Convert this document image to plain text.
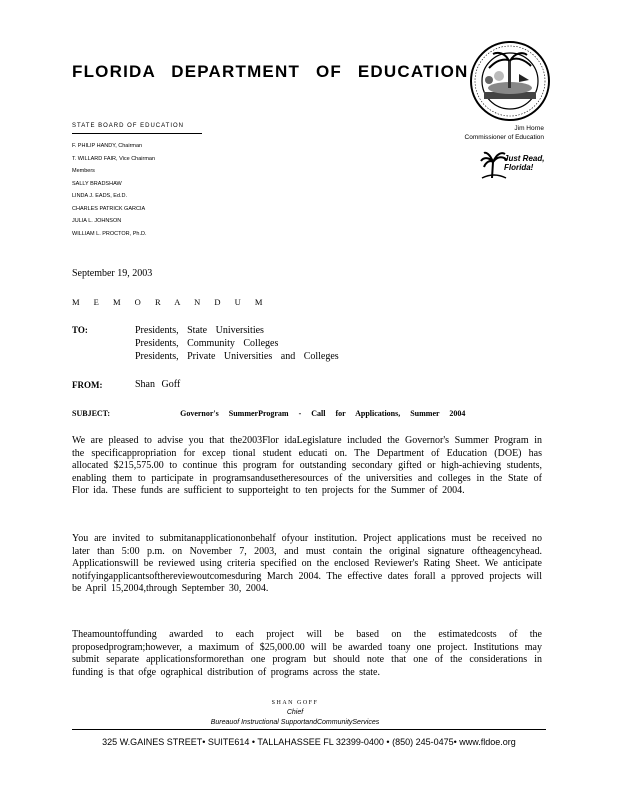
FLORIDA DEPARTMENT OF EDUCATION
Jim Horne
Commissioner of Education
Just Read,
Florida!
STATE BOARD OF EDUCATION
F. PHILIP HANDY, Chairman
T. WILLARD FAIR, Vice Chairman
Members
SALLY BRADSHAW
LINDA J. EADS, Ed.D.
CHARLES PATRICK GARCIA
JULIA L. JOHNSON
WILLIAM L. PROCTOR, Ph.D.
September 19, 2003
M E M O R A N D U M
TO:	Presidents, State Universities
Presidents, Community Colleges
Presidents, Private Universities and Colleges
FROM:	Shan Goff
SUBJECT:	Governor's SummerProgram - Call for Applications, Summer 2004
We are pleased to advise you that the2003Flor idaLegislature included the Governor's Summer Program in the specificappropriation for excep tional student educati on. The Department of Education (DOE) has allocated $215,575.00 to continue this program for outstanding secondary gifted or high-achieving students, enabling them to participate in programsandusetheresources of the universities and colleges in the State of Flor ida. These funds are sufficient to supporteight to ten projects for the Summer of 2004.
You are invited to submitanapplicationonbehalf ofyour institution. Project applications must be received no later than 5:00 p.m. on November 7, 2003, and must contain the original signature oftheagencyhead. Applicationswill be reviewed using criteria specified on the enclosed Reviewer's Rating Sheet. We anticipate notifyingapplicantsofthereviewoutcomesduring March 2004. The effective dates forall a pproved projects will be April 15,2004,through September 30, 2004.
Theamountoffunding awarded to each project will be based on the estimatedcosts of the proposedprogram;however, a maximum of $25,000.00 will be awarded toany one project. Institutions may submit separate applicationsformorethan one program but should note that one of the considerations in funding is that ofge ographical distribution of programs across the state.
SHAN GOFF
Chief
Bureauof Instructional SupportandCommunityServices
325 W.GAINES STREET• SUITE614 • TALLAHASSEE FL 32399-0400 • (850) 245-0475• www.fldoe.org
